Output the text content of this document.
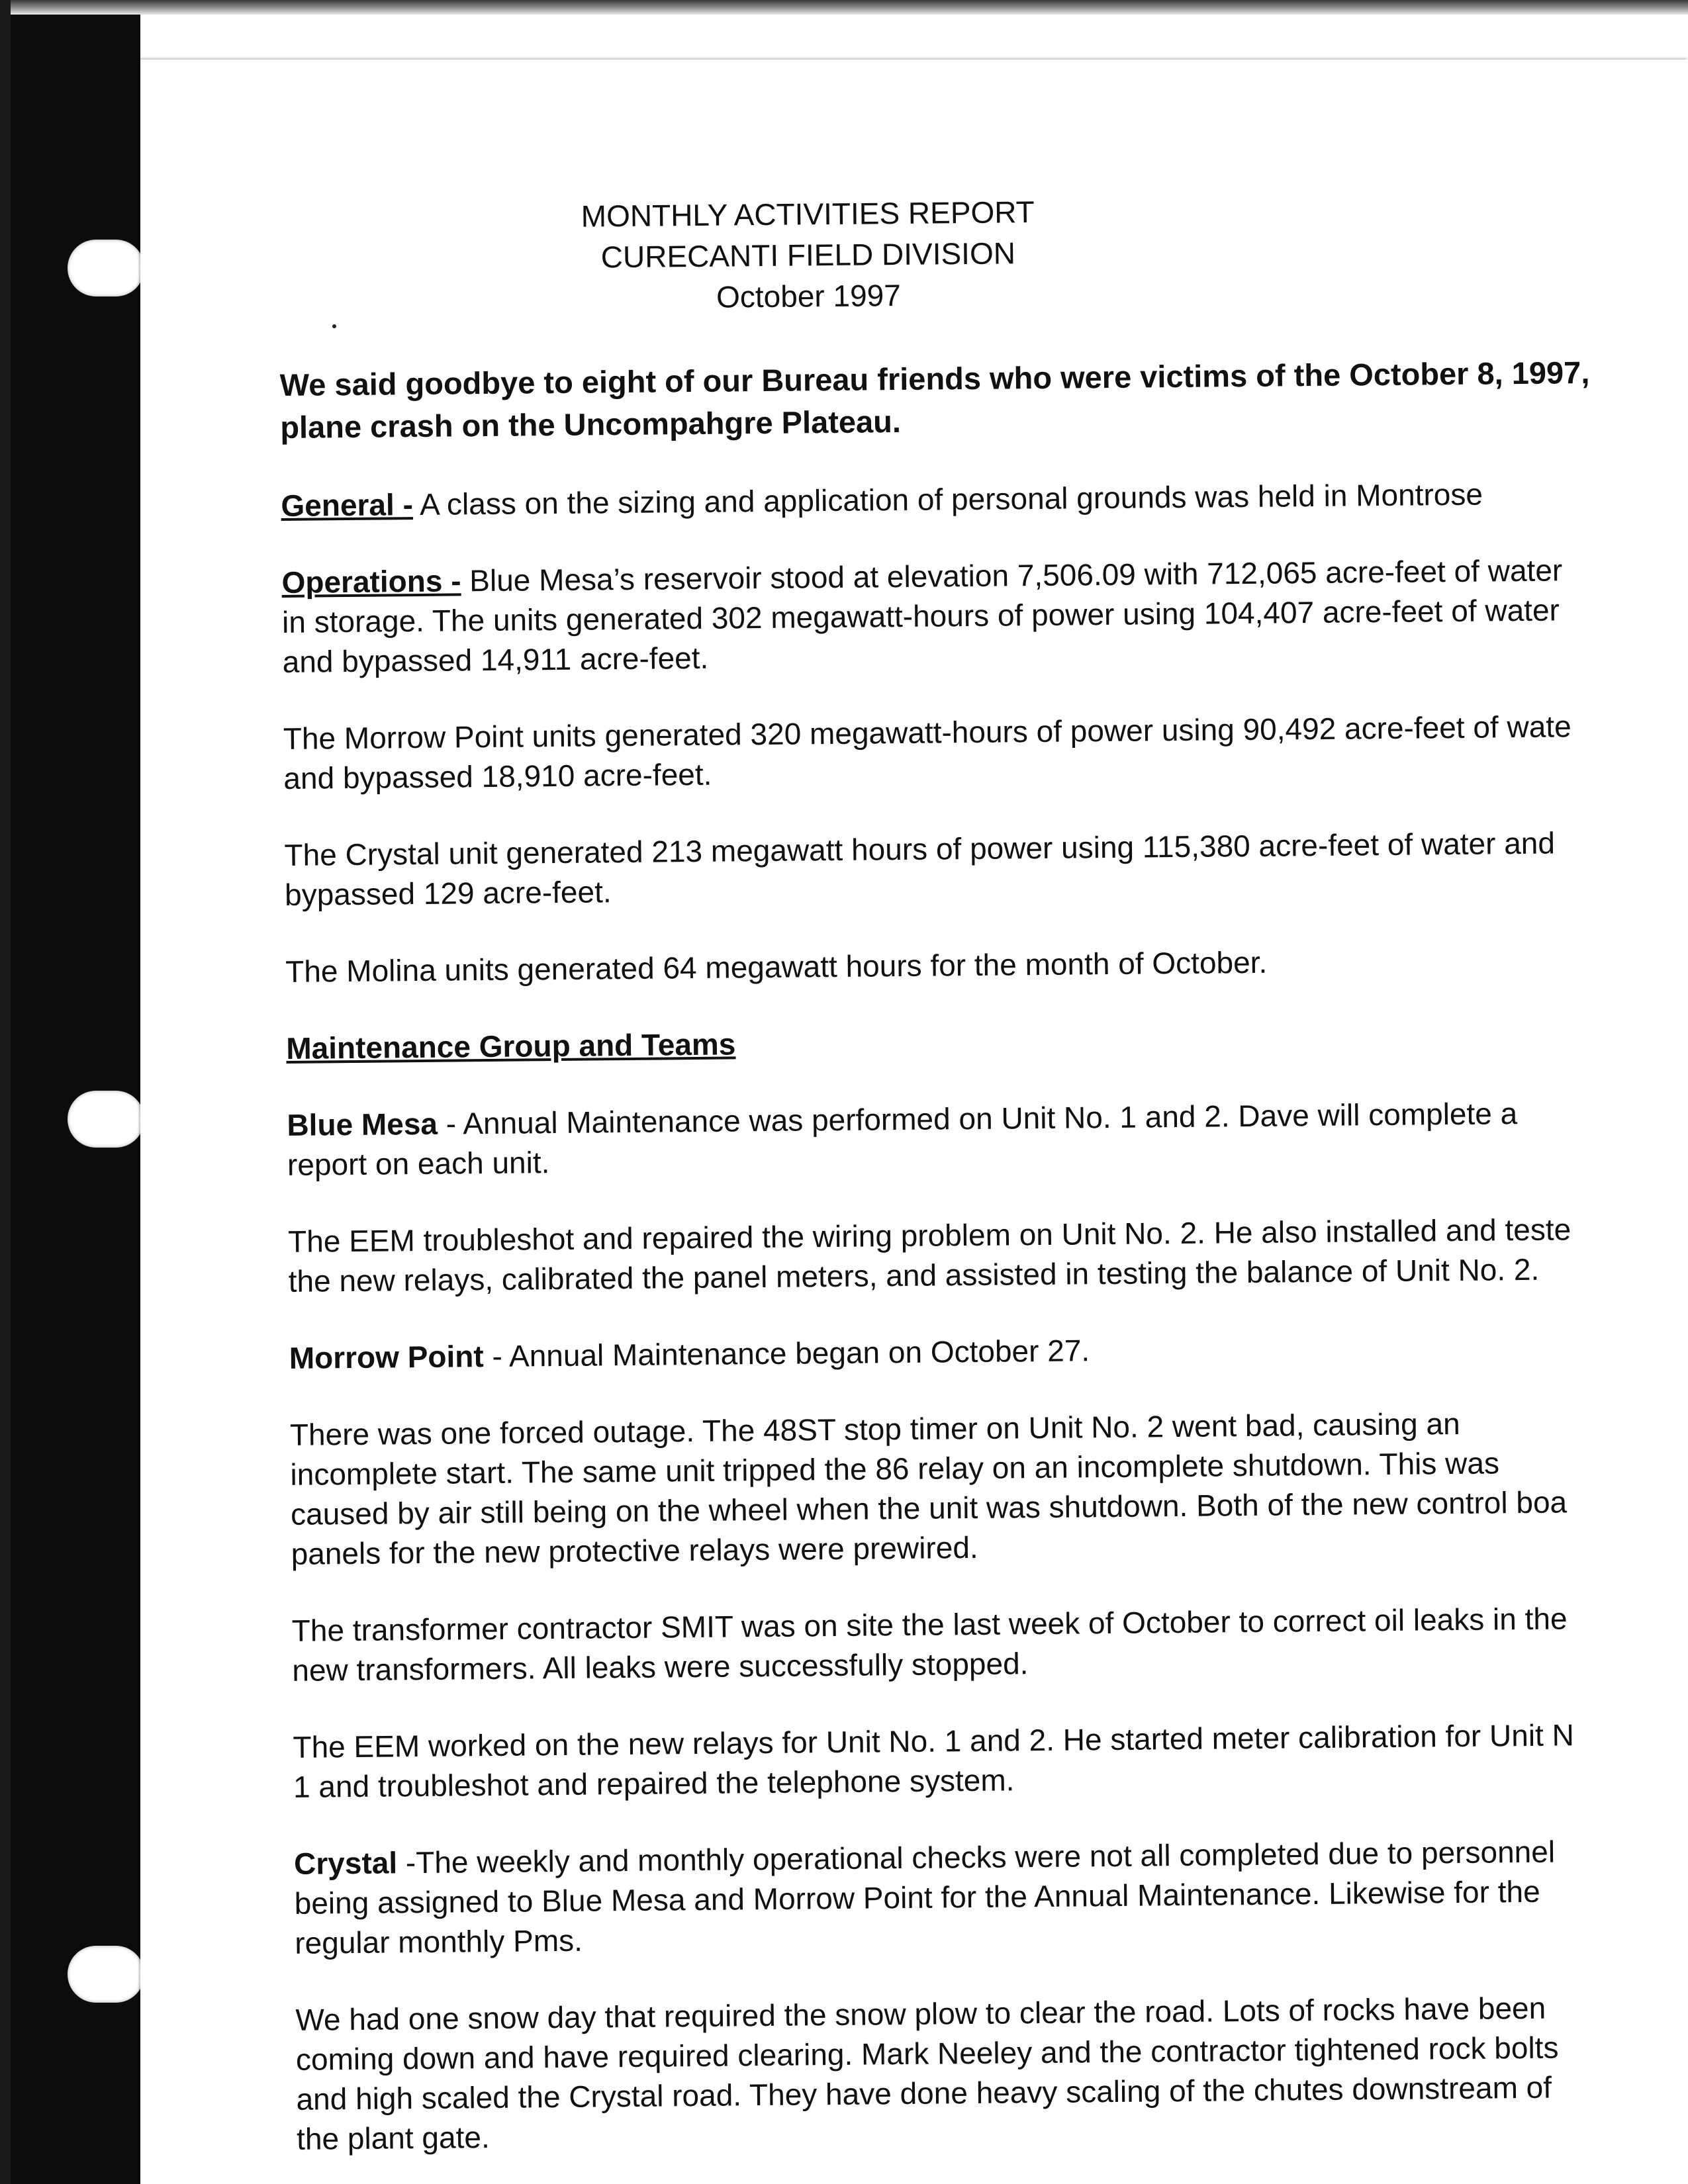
MONTHLY ACTIVITIES REPORT
CURECANTI FIELD DIVISION
October 1997
We said goodbye to eight of our Bureau friends who were victims of the October 8, 1997,
plane crash on the Uncompahgre Plateau.
General - A class on the sizing and application of personal grounds was held in Montrose
Operations - Blue Mesa’s reservoir stood at elevation 7,506.09 with 712,065 acre-feet of water
in storage. The units generated 302 megawatt-hours of power using 104,407 acre-feet of water
and bypassed 14,911 acre-feet.
The Morrow Point units generated 320 megawatt-hours of power using 90,492 acre-feet of wate
and bypassed 18,910 acre-feet.
The Crystal unit generated 213 megawatt hours of power using 115,380 acre-feet of water and
bypassed 129 acre-feet.
The Molina units generated 64 megawatt hours for the month of October.
Maintenance Group and Teams
Blue Mesa - Annual Maintenance was performed on Unit No. 1 and 2. Dave will complete a
report on each unit.
The EEM troubleshot and repaired the wiring problem on Unit No. 2. He also installed and teste
the new relays, calibrated the panel meters, and assisted in testing the balance of Unit No. 2.
Morrow Point - Annual Maintenance began on October 27.
There was one forced outage. The 48ST stop timer on Unit No. 2 went bad, causing an
incomplete start. The same unit tripped the 86 relay on an incomplete shutdown. This was
caused by air still being on the wheel when the unit was shutdown. Both of the new control boa
panels for the new protective relays were prewired.
The transformer contractor SMIT was on site the last week of October to correct oil leaks in the
new transformers. All leaks were successfully stopped.
The EEM worked on the new relays for Unit No. 1 and 2. He started meter calibration for Unit N
1 and troubleshot and repaired the telephone system.
Crystal -The weekly and monthly operational checks were not all completed due to personnel
being assigned to Blue Mesa and Morrow Point for the Annual Maintenance. Likewise for the
regular monthly Pms.
We had one snow day that required the snow plow to clear the road. Lots of rocks have been
coming down and have required clearing. Mark Neeley and the contractor tightened rock bolts
and high scaled the Crystal road. They have done heavy scaling of the chutes downstream of
the plant gate.
